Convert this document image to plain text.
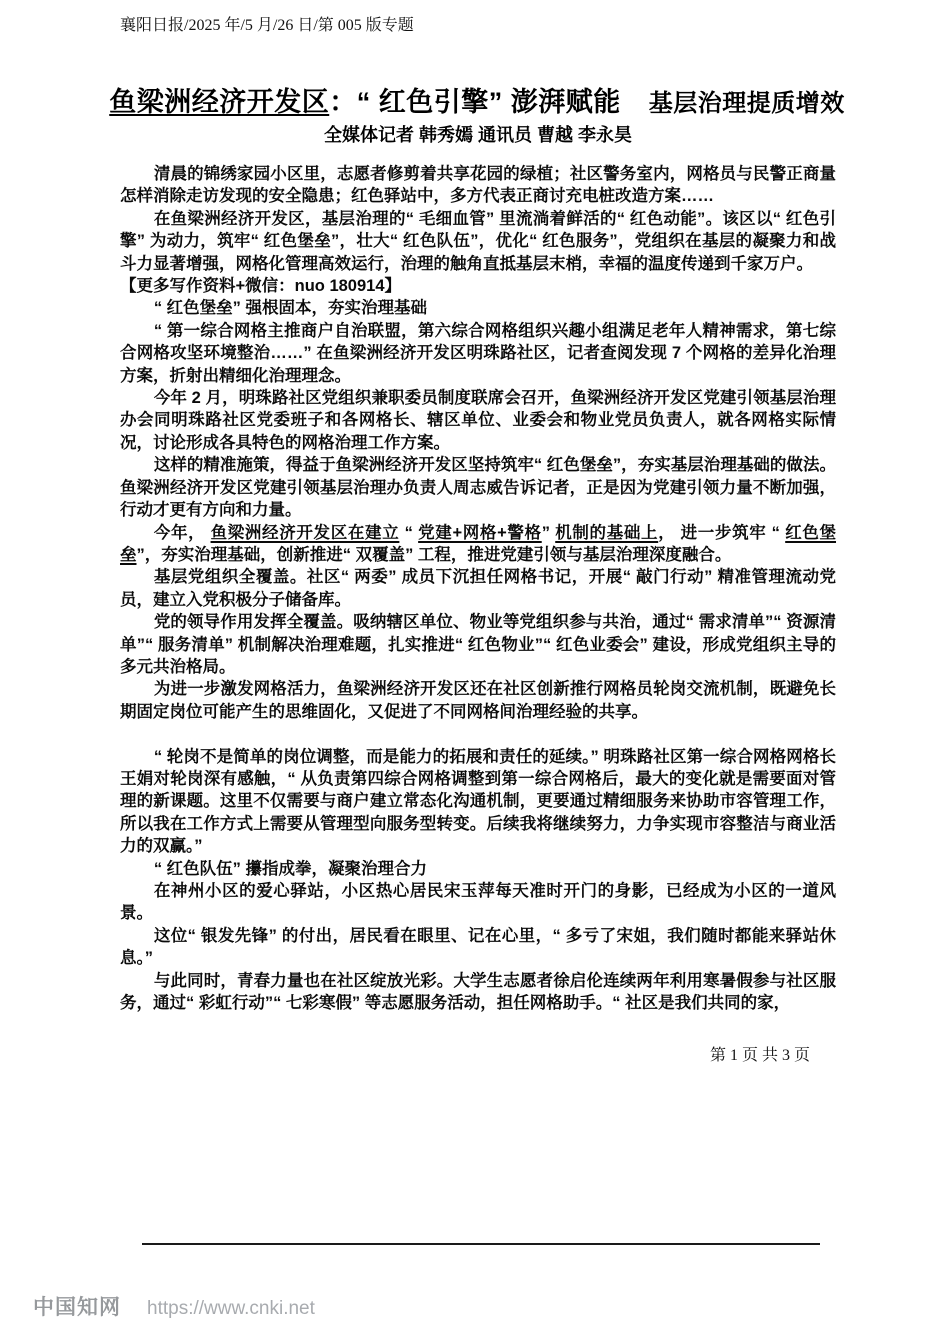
襄阳日报/2025 年/5 月/26 日/第 005 版专题
鱼梁洲经济开发区：“ 红色引擎” 澎湃赋能 基层治理提质增效
全媒体记者 韩秀嫣 通讯员 曹越 李永昊

清晨的锦绣家园小区里，志愿者修剪着共享花园的绿植；社区警务室内，网格员与民警正商量怎样消除走访发现的安全隐患；红色驿站中，多方代表正商讨充电桩改造方案……

在鱼梁洲经济开发区，基层治理的“ 毛细血管” 里流淌着鲜活的“ 红色动能”。该区以“ 红色引擎” 为动力，筑牢“ 红色堡垒”，壮大“ 红色队伍”，优化“ 红色服务”，党组织在基层的凝聚力和战斗力显著增强，网格化管理高效运行，治理的触角直抵基层末梢，幸福的温度传递到千家万户。

【更多写作资料+微信：nuo 180914】

“ 红色堡垒” 强根固本，夯实治理基础

“ 第一综合网格主推商户自治联盟，第六综合网格组织兴趣小组满足老年人精神需求，第七综合网格攻坚环境整治……” 在鱼梁洲经济开发区明珠路社区，记者查阅发现 7 个网格的差异化治理方案，折射出精细化治理理念。

今年 2 月，明珠路社区党组织兼职委员制度联席会召开，鱼梁洲经济开发区党建引领基层治理办会同明珠路社区党委班子和各网格长、辖区单位、业委会和物业党员负责人，就各网格实际情况，讨论形成各具特色的网格治理工作方案。

这样的精准施策，得益于鱼梁洲经济开发区坚持筑牢“ 红色堡垒”，夯实基层治理基础的做法。鱼梁洲经济开发区党建引领基层治理办负责人周志威告诉记者，正是因为党建引领力量不断加强，行动才更有方向和力量。

今年， 鱼梁洲经济开发区在建立 “ 党建+网格+警格” 机制的基础上， 进一步筑牢 “ 红色堡垒”，夯实治理基础，创新推进“ 双覆盖” 工程，推进党建引领与基层治理深度融合。

基层党组织全覆盖。社区“ 两委” 成员下沉担任网格书记，开展“ 敲门行动” 精准管理流动党员，建立入党积极分子储备库。

党的领导作用发挥全覆盖。吸纳辖区单位、物业等党组织参与共治，通过“ 需求清单”“ 资源清单”“ 服务清单” 机制解决治理难题，扎实推进“ 红色物业”“ 红色业委会” 建设，形成党组织主导的多元共治格局。

为进一步激发网格活力，鱼梁洲经济开发区还在社区创新推行网格员轮岗交流机制，既避免长期固定岗位可能产生的思维固化，又促进了不同网格间治理经验的共享。

“ 轮岗不是简单的岗位调整，而是能力的拓展和责任的延续。” 明珠路社区第一综合网格网格长王娟对轮岗深有感触，“ 从负责第四综合网格调整到第一综合网格后，最大的变化就是需要面对管理的新课题。这里不仅需要与商户建立常态化沟通机制，更要通过精细服务来协助市容管理工作，所以我在工作方式上需要从管理型向服务型转变。后续我将继续努力，力争实现市容整洁与商业活力的双赢。”

“ 红色队伍” 攥指成拳，凝聚治理合力

在神州小区的爱心驿站，小区热心居民宋玉萍每天准时开门的身影，已经成为小区的一道风景。

这位“ 银发先锋” 的付出，居民看在眼里、记在心里，“ 多亏了宋姐，我们随时都能来驿站休息。”

与此同时，青春力量也在社区绽放光彩。大学生志愿者徐启伦连续两年利用寒暑假参与社区服务，通过“ 彩虹行动”“ 七彩寒假” 等志愿服务活动，担任网格助手。“ 社区是我们共同的家，

第 1 页 共 3 页
中国知网 https://www.cnki.net
